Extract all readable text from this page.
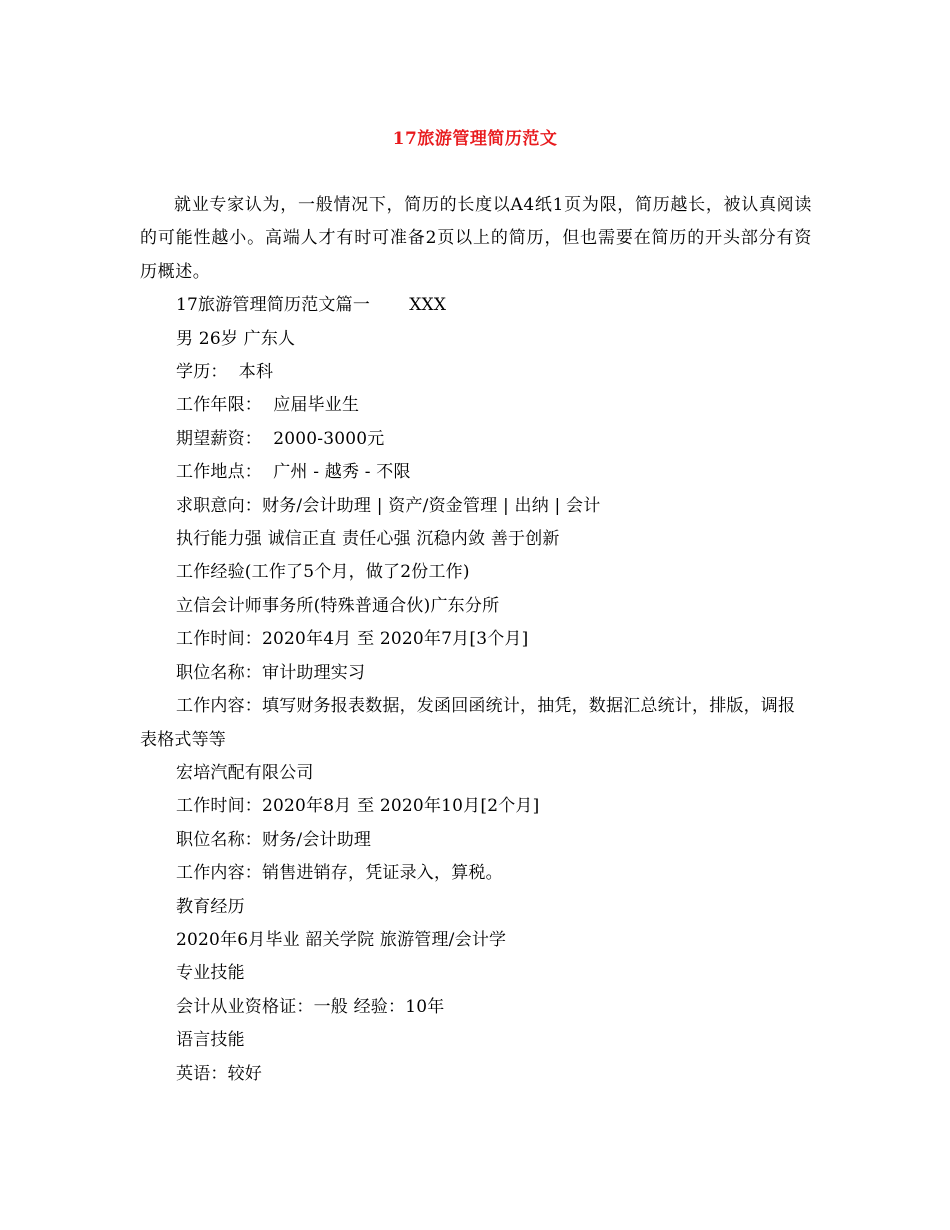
17旅游管理简历范文

就业专家认为，一般情况下，简历的长度以A4纸1页为限，简历越长，被认真阅读的可能性越小。高端人才有时可准备2页以上的简历，但也需要在简历的开头部分有资历概述。

17旅游管理简历范文篇一       XXX

男 26岁 广东人

学历：  本科

工作年限：  应届毕业生

期望薪资：  2000-3000元

工作地点：  广州 - 越秀 - 不限

求职意向：财务/会计助理 | 资产/资金管理 | 出纳 | 会计

执行能力强 诚信正直 责任心强 沉稳内敛 善于创新

工作经验(工作了5个月，做了2份工作)

立信会计师事务所(特殊普通合伙)广东分所

工作时间：2020年4月 至 2020年7月[3个月]

职位名称：审计助理实习

工作内容：填写财务报表数据，发函回函统计，抽凭，数据汇总统计，排版，调报表格式等等

宏培汽配有限公司

工作时间：2020年8月 至 2020年10月[2个月]

职位名称：财务/会计助理

工作内容：销售进销存，凭证录入，算税。

教育经历

2020年6月毕业 韶关学院 旅游管理/会计学

专业技能

会计从业资格证：一般 经验：10年

语言技能

英语：较好
